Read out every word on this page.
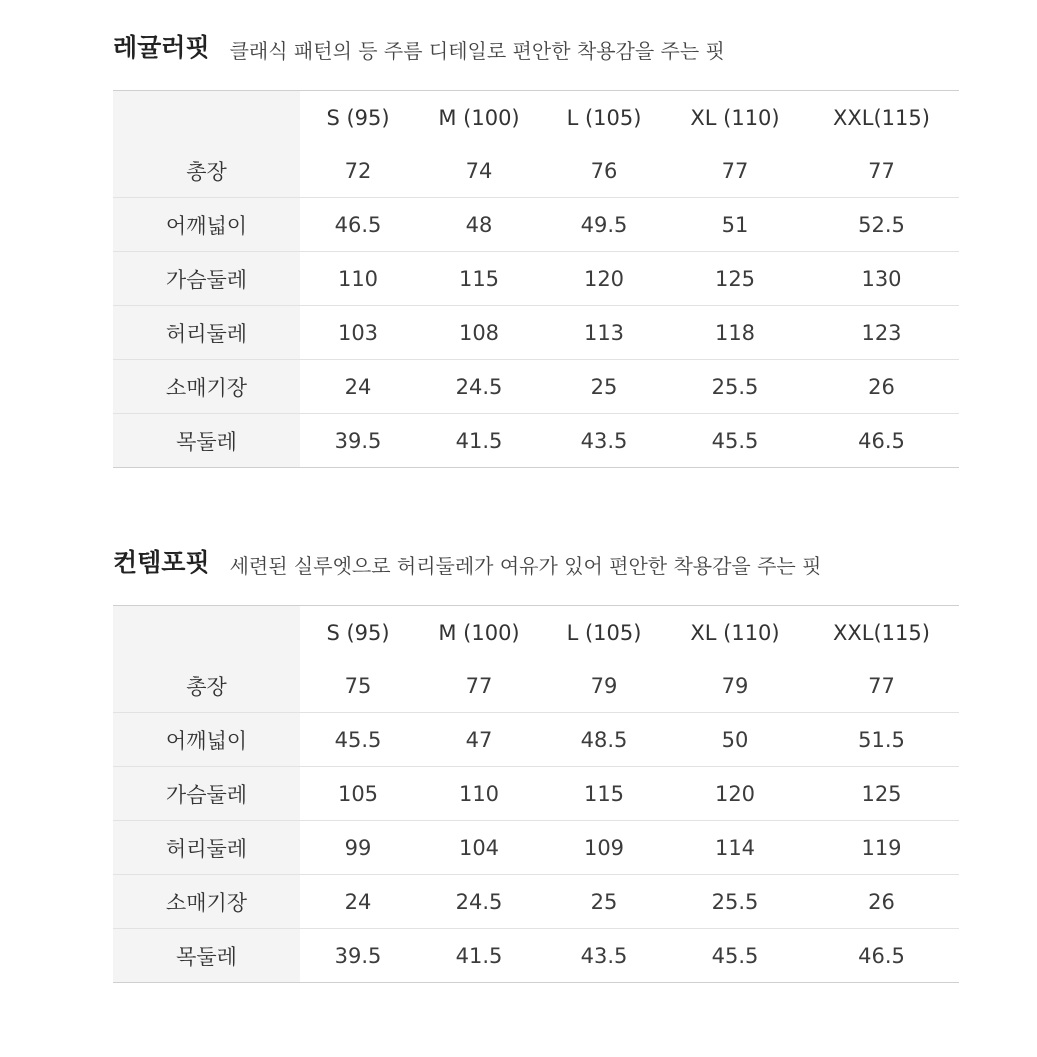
레귤러핏 클래식 패턴의 등 주름 디테일로 편안한 착용감을 주는 핏
	S (95)	M (100)	L (105)	XL (110)	XXL(115)
총장	72	74	76	77	77
어깨넓이	46.5	48	49.5	51	52.5
가슴둘레	110	115	120	125	130
허리둘레	103	108	113	118	123
소매기장	24	24.5	25	25.5	26
목둘레	39.5	41.5	43.5	45.5	46.5
컨템포핏 세련된 실루엣으로 허리둘레가 여유가 있어 편안한 착용감을 주는 핏
	S (95)	M (100)	L (105)	XL (110)	XXL(115)
총장	75	77	79	79	77
어깨넓이	45.5	47	48.5	50	51.5
가슴둘레	105	110	115	120	125
허리둘레	99	104	109	114	119
소매기장	24	24.5	25	25.5	26
목둘레	39.5	41.5	43.5	45.5	46.5
